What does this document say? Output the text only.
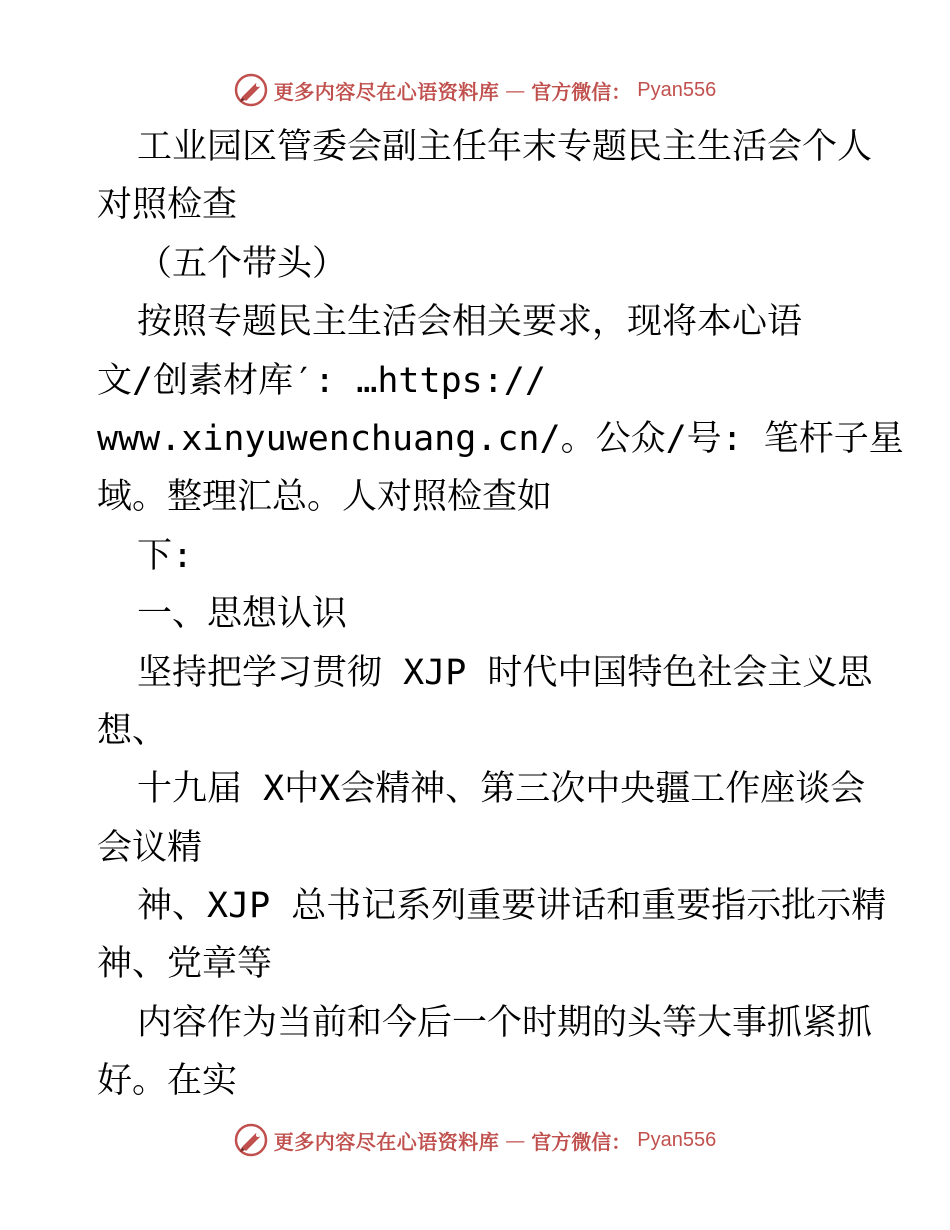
更多内容尽在心语资料库 — 官方微信： Pyan556
工业园区管委会副主任年末专题民主生活会个人
对照检查
（五个带头）
按照专题民主生活会相关要求，现将本心语
文/创素材库′: …https://
www.xinyuwenchuang.cn/。公众/号: 笔杆子星
域。整理汇总。人对照检查如
下:
一、思想认识
坚持把学习贯彻 XJP 时代中国特色社会主义思
想、
十九届 X中X会精神、第三次中央疆工作座谈会
会议精
神、XJP 总书记系列重要讲话和重要指示批示精
神、党章等
内容作为当前和今后一个时期的头等大事抓紧抓
好。在实
更多内容尽在心语资料库 — 官方微信： Pyan556
